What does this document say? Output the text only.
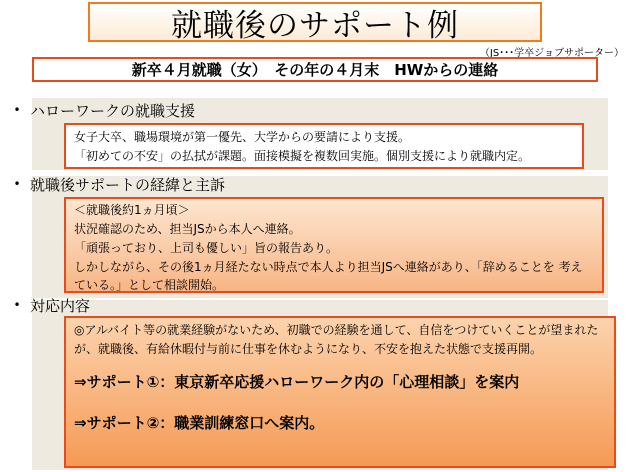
就職後のサポート例
（JS･･･学卒ジョブサポーター）
新卒４月就職（女）　その年の４月末　HWからの連絡
• ハローワークの就職支援

女子大卒、職場環境が第一優先、大学からの要請により支援。

「初めての不安」の払拭が課題。面接模擬を複数回実施。個別支援により就職内定。

• 就職後サポートの経緯と主訴

＜就職後約1ヵ月頃＞

状況確認のため、担当JSから本人へ連絡。

「頑張っており、上司も優しい」旨の報告あり。

しかしながら、その後1ヵ月経たない時点で本人より担当JSへ連絡があり、「辞めることを 考えている。」として相談開始。

• 対応内容

◎アルバイト等の就業経験がないため、初職での経験を通して、自信をつけていくことが望まれたが、就職後、有給休暇付与前に仕事を休むようになり、不安を抱えた状態で支援再開。

⇒サポート①：東京新卒応援ハローワーク内の「心理相談」を案内

⇒サポート②：職業訓練窓口へ案内。
